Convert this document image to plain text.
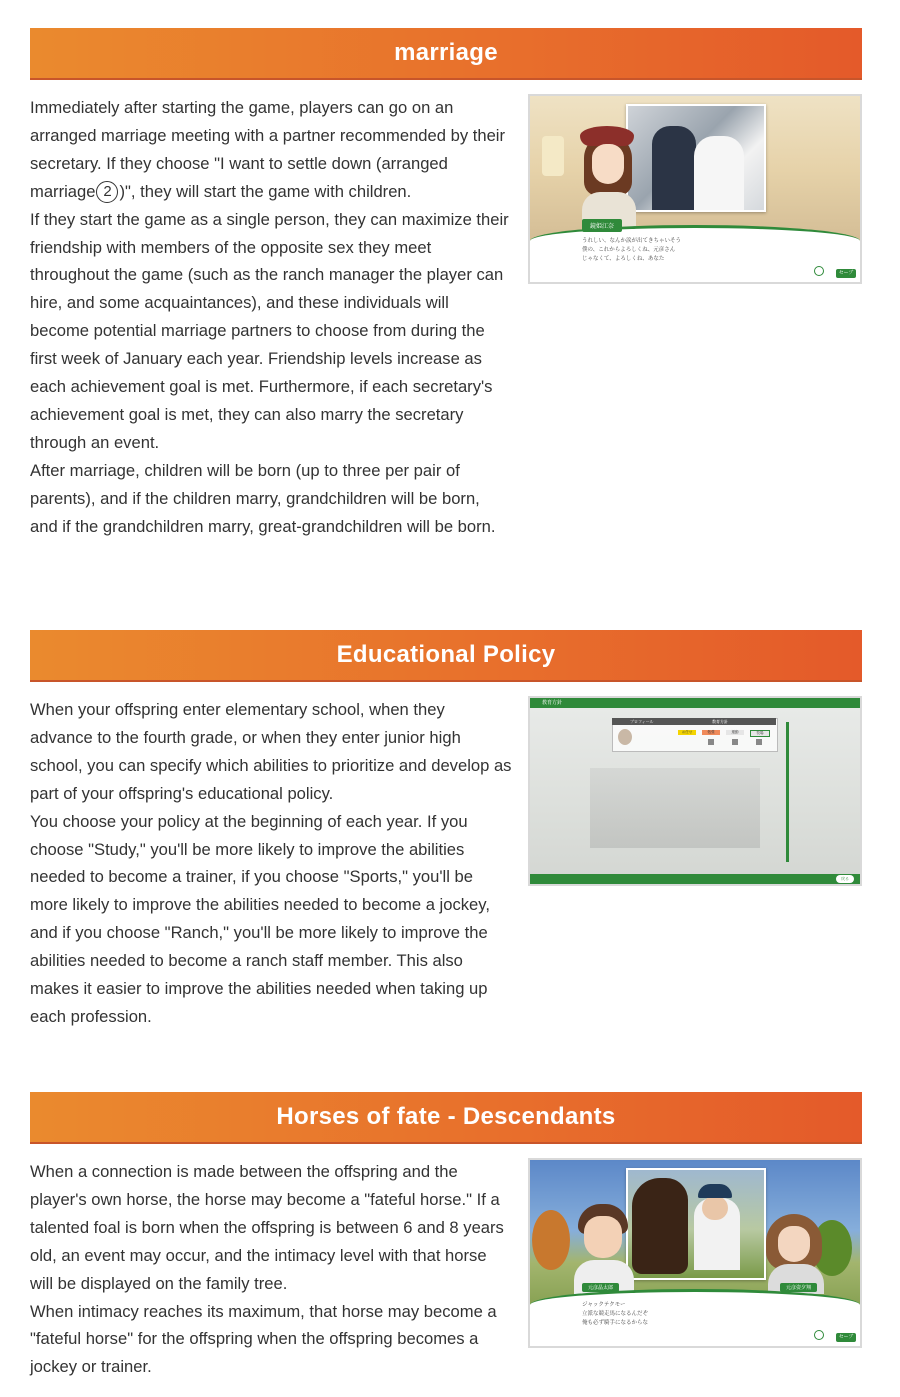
marriage

Immediately after starting the game, players can go on an arranged marriage meeting with a partner recommended by their secretary. If they choose "I want to settle down (arranged marriage 2 )", they will start the game with children.

If they start the game as a single person, they can maximize their friendship with members of the opposite sex they meet throughout the game (such as the ranch manager the player can hire, and some acquaintances), and these individuals will become potential marriage partners to choose from during the first week of January each year. Friendship levels increase as each achievement goal is met. Furthermore, if each secretary's achievement goal is met, they can also marry the secretary through an event.

After marriage, children will be born (up to three per pair of parents), and if the children marry, grandchildren will be born, and if the grandchildren marry, great-grandchildren will be born.

鏡姫江奈
うれしい、なんか涙が出てきちゃいそう
僕の、これからよろしくね、元彦さん
じゃなくて、よろしくね、あなた
セーブ
Educational Policy

When your offspring enter elementary school, when they advance to the fourth grade, or when they enter junior high school, you can specify which abilities to prioritize and develop as part of your offspring's educational policy.

You choose your policy at the beginning of each year. If you choose "Study," you'll be more likely to improve the abilities needed to become a trainer, if you choose "Sports," you'll be more likely to improve the abilities needed to become a jockey, and if you choose "Ranch," you'll be more likely to improve the abilities needed to become a ranch staff member. This also makes it easier to improve the abilities needed when taking up each profession.

教育方針
プロフィール	教育方針
お任せ	勉強	運動	牧場
戻る
Horses of fate - Descendants

When a connection is made between the offspring and the player's own horse, the horse may become a "fateful horse." If a talented foal is born when the offspring is between 6 and 8 years old, an event may occur, and the intimacy level with that horse will be displayed on the family tree.

When intimacy reaches its maximum, that horse may become a "fateful horse" for the offspring when the offspring becomes a jockey or trainer.

元彦晶太郎	元彦姿夕翔
ジャックテクモー
立派な競走馬になるんだぞ
俺も必ず騎手になるからな
セーブ
